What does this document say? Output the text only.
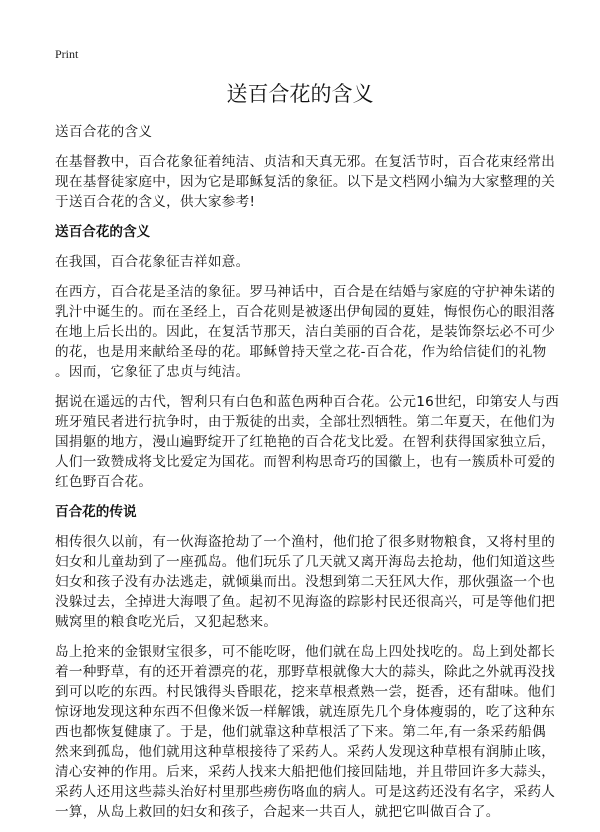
Print
送百合花的含义
送百合花的含义
在基督教中，百合花象征着纯洁、贞洁和天真无邪。在复活节时，百合花束经常出
现在基督徒家庭中，因为它是耶稣复活的象征。以下是文档网小编为大家整理的关
于送百合花的含义，供大家参考!
送百合花的含义
在我国，百合花象征吉祥如意。
在西方，百合花是圣洁的象征。罗马神话中，百合是在结婚与家庭的守护神朱诺的
乳汁中诞生的。而在圣经上，百合花则是被逐出伊甸园的夏娃，悔恨伤心的眼泪落
在地上后长出的。因此，在复活节那天，洁白美丽的百合花，是装饰祭坛必不可少
的花，也是用来献给圣母的花。耶稣曾持天堂之花-百合花，作为给信徒们的礼物
。因而，它象征了忠贞与纯洁。
据说在遥远的古代，智利只有白色和蓝色两种百合花。公元16世纪，印第安人与西
班牙殖民者进行抗争时，由于叛徒的出卖，全部壮烈牺牲。第二年夏天，在他们为
国捐躯的地方，漫山遍野绽开了红艳艳的百合花戈比爱。在智利获得国家独立后，
人们一致赞成将戈比爱定为国花。而智利构思奇巧的国徽上，也有一簇质朴可爱的
红色野百合花。
百合花的传说
相传很久以前，有一伙海盗抢劫了一个渔村，他们抢了很多财物粮食，又将村里的
妇女和儿童劫到了一座孤岛。他们玩乐了几天就又离开海岛去抢劫，他们知道这些
妇女和孩子没有办法逃走，就倾巢而出。没想到第二天狂风大作，那伙强盗一个也
没躲过去，全掉进大海喂了鱼。起初不见海盗的踪影村民还很高兴，可是等他们把
贼窝里的粮食吃光后，又犯起愁来。
岛上抢来的金银财宝很多，可不能吃呀，他们就在岛上四处找吃的。岛上到处都长
着一种野草，有的还开着漂亮的花，那野草根就像大大的蒜头，除此之外就再没找
到可以吃的东西。村民饿得头昏眼花，挖来草根煮熟一尝，挺香，还有甜味。他们
惊讶地发现这种东西不但像米饭一样解饿，就连原先几个身体瘦弱的，吃了这种东
西也都恢复健康了。于是，他们就靠这种草根活了下来。第二年,有一条采药船偶
然来到孤岛，他们就用这种草根接待了采药人。采药人发现这种草根有润肺止咳，
清心安神的作用。后来，采药人找来大船把他们接回陆地，并且带回许多大蒜头，
采药人还用这些蒜头治好村里那些痨伤咯血的病人。可是这药还没有名字，采药人
一算，从岛上救回的妇女和孩子，合起来一共百人，就把它叫做百合了。
